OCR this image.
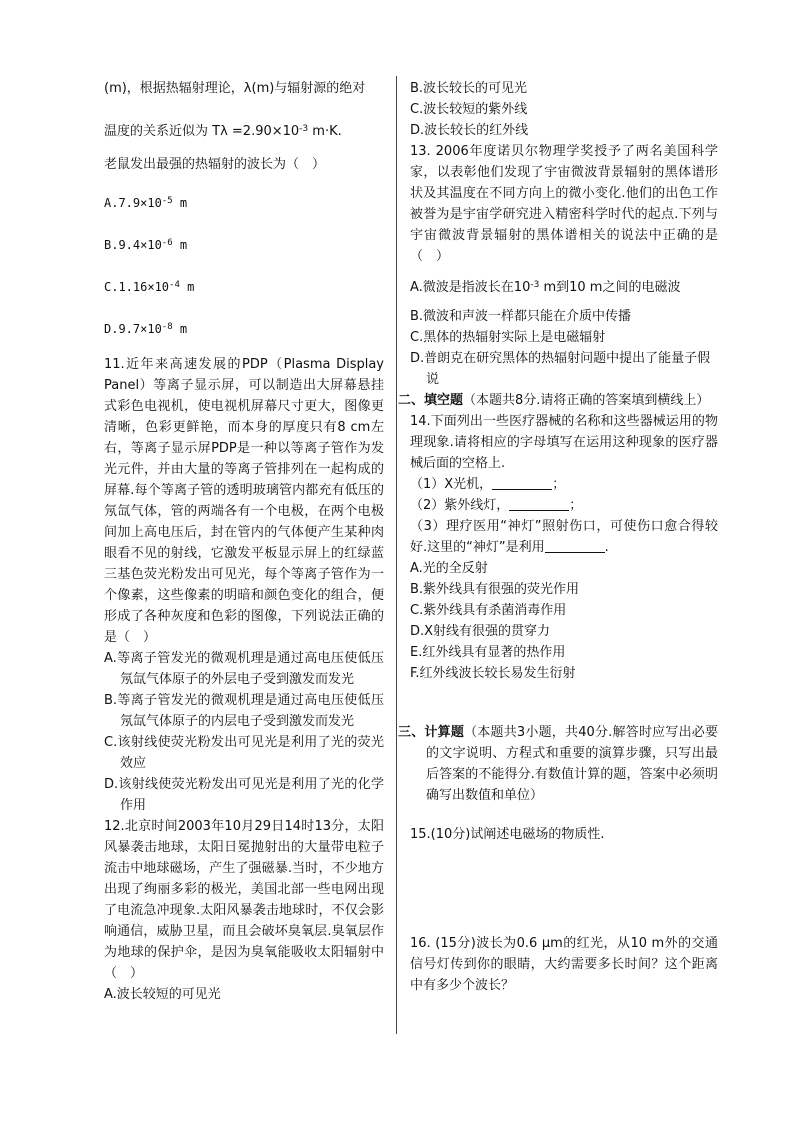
(m)，根据热辐射理论，λ(m)与辐射源的绝对

温度的关系近似为 $T\lambda =2.90\times 10^{-3}$ m·K.

老鼠发出最强的热辐射的波长为（　）

$A.7.9\times 10^{-5}$ m

$B.9.4\times 10^{-6}$ m

$C.1.16\times 10^{-4}$ m

$D.9.7\times 10^{-8}$ m

11.近年来高速发展的PDP（Plasma Display Panel）等离子显示屏，可以制造出大屏幕悬挂式彩色电视机，使电视机屏幕尺寸更大，图像更清晰，色彩更鲜艳，而本身的厚度只有8 cm左右，等离子显示屏PDP是一种以等离子管作为发光元件，并由大量的等离子管排列在一起构成的屏幕.每个等离子管的透明玻璃管内都充有低压的氖氙气体，管的两端各有一个电极，在两个电极间加上高电压后，封在管内的气体便产生某种肉眼看不见的射线，它激发平板显示屏上的红绿蓝三基色荧光粉发出可见光，每个等离子管作为一个像素，这些像素的明暗和颜色变化的组合，便形成了各种灰度和色彩的图像，下列说法正确的是（　）

A.等离子管发光的微观机理是通过高电压使低压氖氙气体原子的外层电子受到激发而发光

B.等离子管发光的微观机理是通过高电压使低压氖氙气体原子的内层电子受到激发而发光

C.该射线使荧光粉发出可见光是利用了光的荧光效应

D.该射线使荧光粉发出可见光是利用了光的化学作用

12.北京时间2003年10月29日14时13分，太阳风暴袭击地球，太阳日冕抛射出的大量带电粒子流击中地球磁场，产生了强磁暴.当时，不少地方出现了绚丽多彩的极光，美国北部一些电网出现了电流急冲现象.太阳风暴袭击地球时，不仅会影响通信，威胁卫星，而且会破坏臭氧层.臭氧层作为地球的保护伞，是因为臭氧能吸收太阳辐射中（　）

A.波长较短的可见光

B.波长较长的可见光

C.波长较短的紫外线

D.波长较长的红外线

13. 2006年度诺贝尔物理学奖授予了两名美国科学家，以表彰他们发现了宇宙微波背景辐射的黑体谱形状及其温度在不同方向上的微小变化.他们的出色工作被誉为是宇宙学研究进入精密科学时代的起点.下列与宇宙微波背景辐射的黑体谱相关的说法中正确的是（　）

A.微波是指波长在$10^{-3}$ m到10 m之间的电磁波

B.微波和声波一样都只能在介质中传播

C.黑体的热辐射实际上是电磁辐射

D.普朗克在研究黑体的热辐射问题中提出了能量子假说

二、填空题（本题共8分.请将正确的答案填到横线上）

14.下面列出一些医疗器械的名称和这些器械运用的物理现象.请将相应的字母填写在运用这种现象的医疗器械后面的空格上.

（1）X光机，	；

（2）紫外线灯，	；

（3）理疗医用“神灯”照射伤口，可使伤口愈合得较好.这里的“神灯”是利用	.

A.光的全反射

B.紫外线具有很强的荧光作用

C.紫外线具有杀菌消毒作用

D.X射线有很强的贯穿力

E.红外线具有显著的热作用

F.红外线波长较长易发生衍射

三、计算题（本题共3小题，共40分.解答时应写出必要的文字说明、方程式和重要的演算步骤，只写出最后答案的不能得分.有数值计算的题，答案中必须明确写出数值和单位）

15.(10分)试阐述电磁场的物质性.

16. (15分)波长为0.6 μm的红光，从10 m外的交通信号灯传到你的眼睛，大约需要多长时间？这个距离中有多少个波长？
